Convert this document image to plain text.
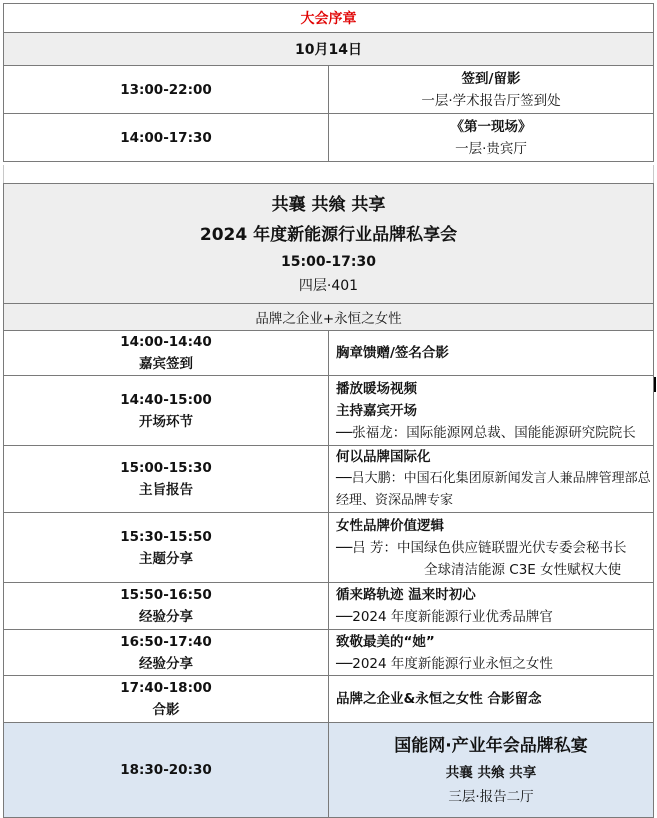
大会序章	
10月14日	
13:00-22:00	签到/留影
一层·学术报告厅签到处

14:00-17:30	《第一现场》
一层·贵宾厅
共襄 共飨 共享
2024 年度新能源行业品牌私享会
15:00-17:30
四层·401	

品牌之企业+永恒之女性	

14:00-14:40
嘉宾签到	胸章馈赠/签名合影

14:40-15:00
开场环节	播放暖场视频
主持嘉宾开场
──张福龙：国际能源网总裁、国能能源研究院院长

15:00-15:30
主旨报告	何以品牌国际化
──吕大鹏：中国石化集团原新闻发言人兼品牌管理部总经理、资深品牌专家

15:30-15:50
主题分享	女性品牌价值逻辑
──吕 芳：中国绿色供应链联盟光伏专委会秘书长
全球清洁能源 C3E 女性赋权大使

15:50-16:50
经验分享	循来路轨迹 温来时初心
──2024 年度新能源行业优秀品牌官

16:50-17:40
经验分享	致敬最美的“她”
──2024 年度新能源行业永恒之女性

17:40-18:00
合影	品牌之企业&永恒之女性 合影留念

18:30-20:30	国能网·产业年会品牌私宴
共襄 共飨 共享
三层·报告二厅
